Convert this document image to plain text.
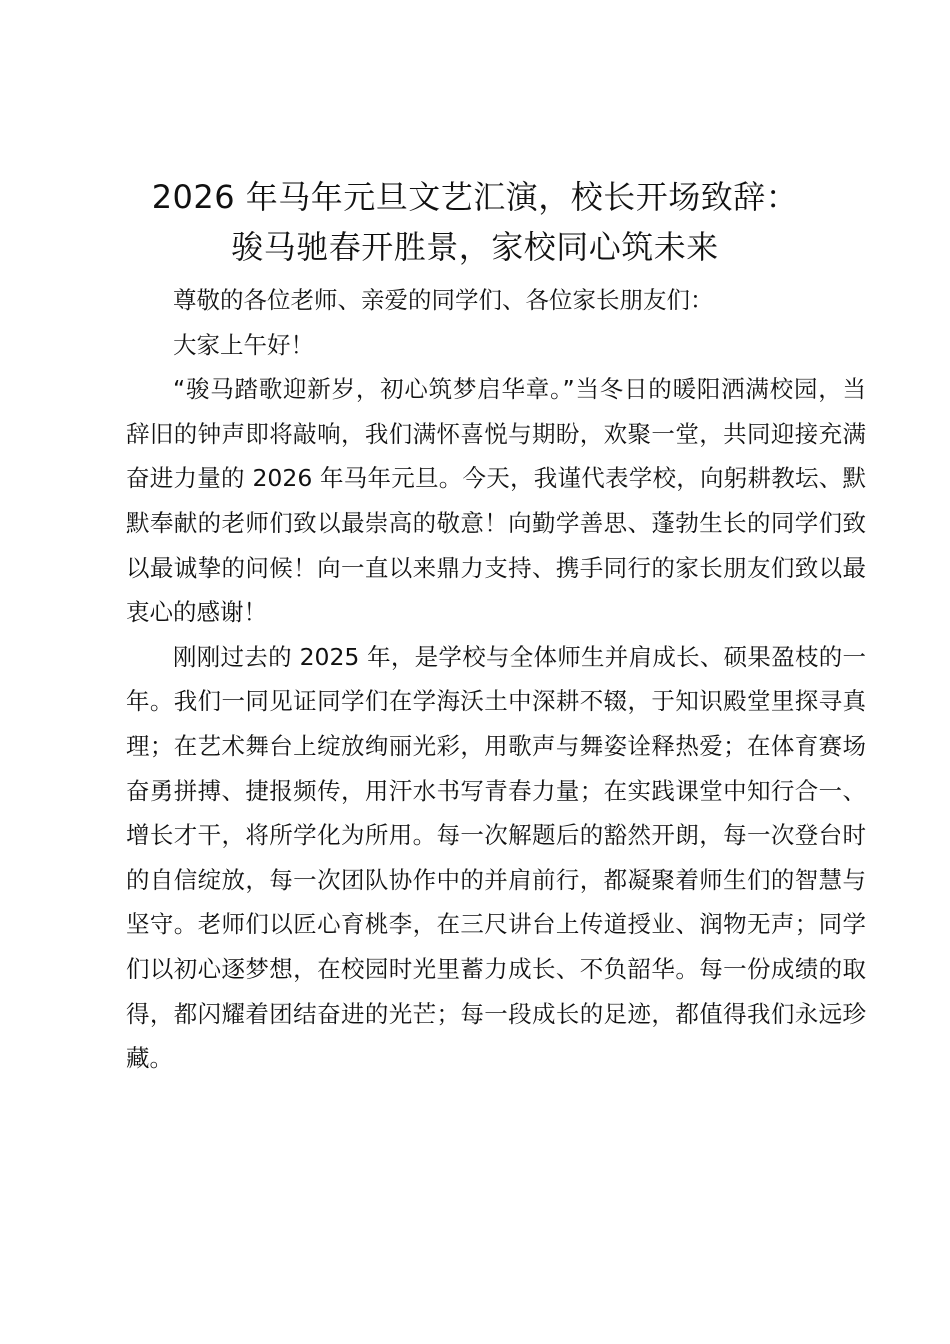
2026 年马年元旦文艺汇演，校长开场致辞：
骏马驰春开胜景，家校同心筑未来

尊敬的各位老师、亲爱的同学们、各位家长朋友们：

大家上午好！

“骏马踏歌迎新岁，初心筑梦启华章。”当冬日的暖阳洒满校园，当辞旧的钟声即将敲响，我们满怀喜悦与期盼，欢聚一堂，共同迎接充满奋进力量的 2026 年马年元旦。今天，我谨代表学校，向躬耕教坛、默默奉献的老师们致以最崇高的敬意！向勤学善思、蓬勃生长的同学们致以最诚挚的问候！向一直以来鼎力支持、携手同行的家长朋友们致以最衷心的感谢！

刚刚过去的 2025 年，是学校与全体师生并肩成长、硕果盈枝的一年。我们一同见证同学们在学海沃土中深耕不辍，于知识殿堂里探寻真理；在艺术舞台上绽放绚丽光彩，用歌声与舞姿诠释热爱；在体育赛场奋勇拼搏、捷报频传，用汗水书写青春力量；在实践课堂中知行合一、增长才干，将所学化为所用。每一次解题后的豁然开朗，每一次登台时的自信绽放，每一次团队协作中的并肩前行，都凝聚着师生们的智慧与坚守。老师们以匠心育桃李，在三尺讲台上传道授业、润物无声；同学们以初心逐梦想，在校园时光里蓄力成长、不负韶华。每一份成绩的取得，都闪耀着团结奋进的光芒；每一段成长的足迹，都值得我们永远珍藏。
